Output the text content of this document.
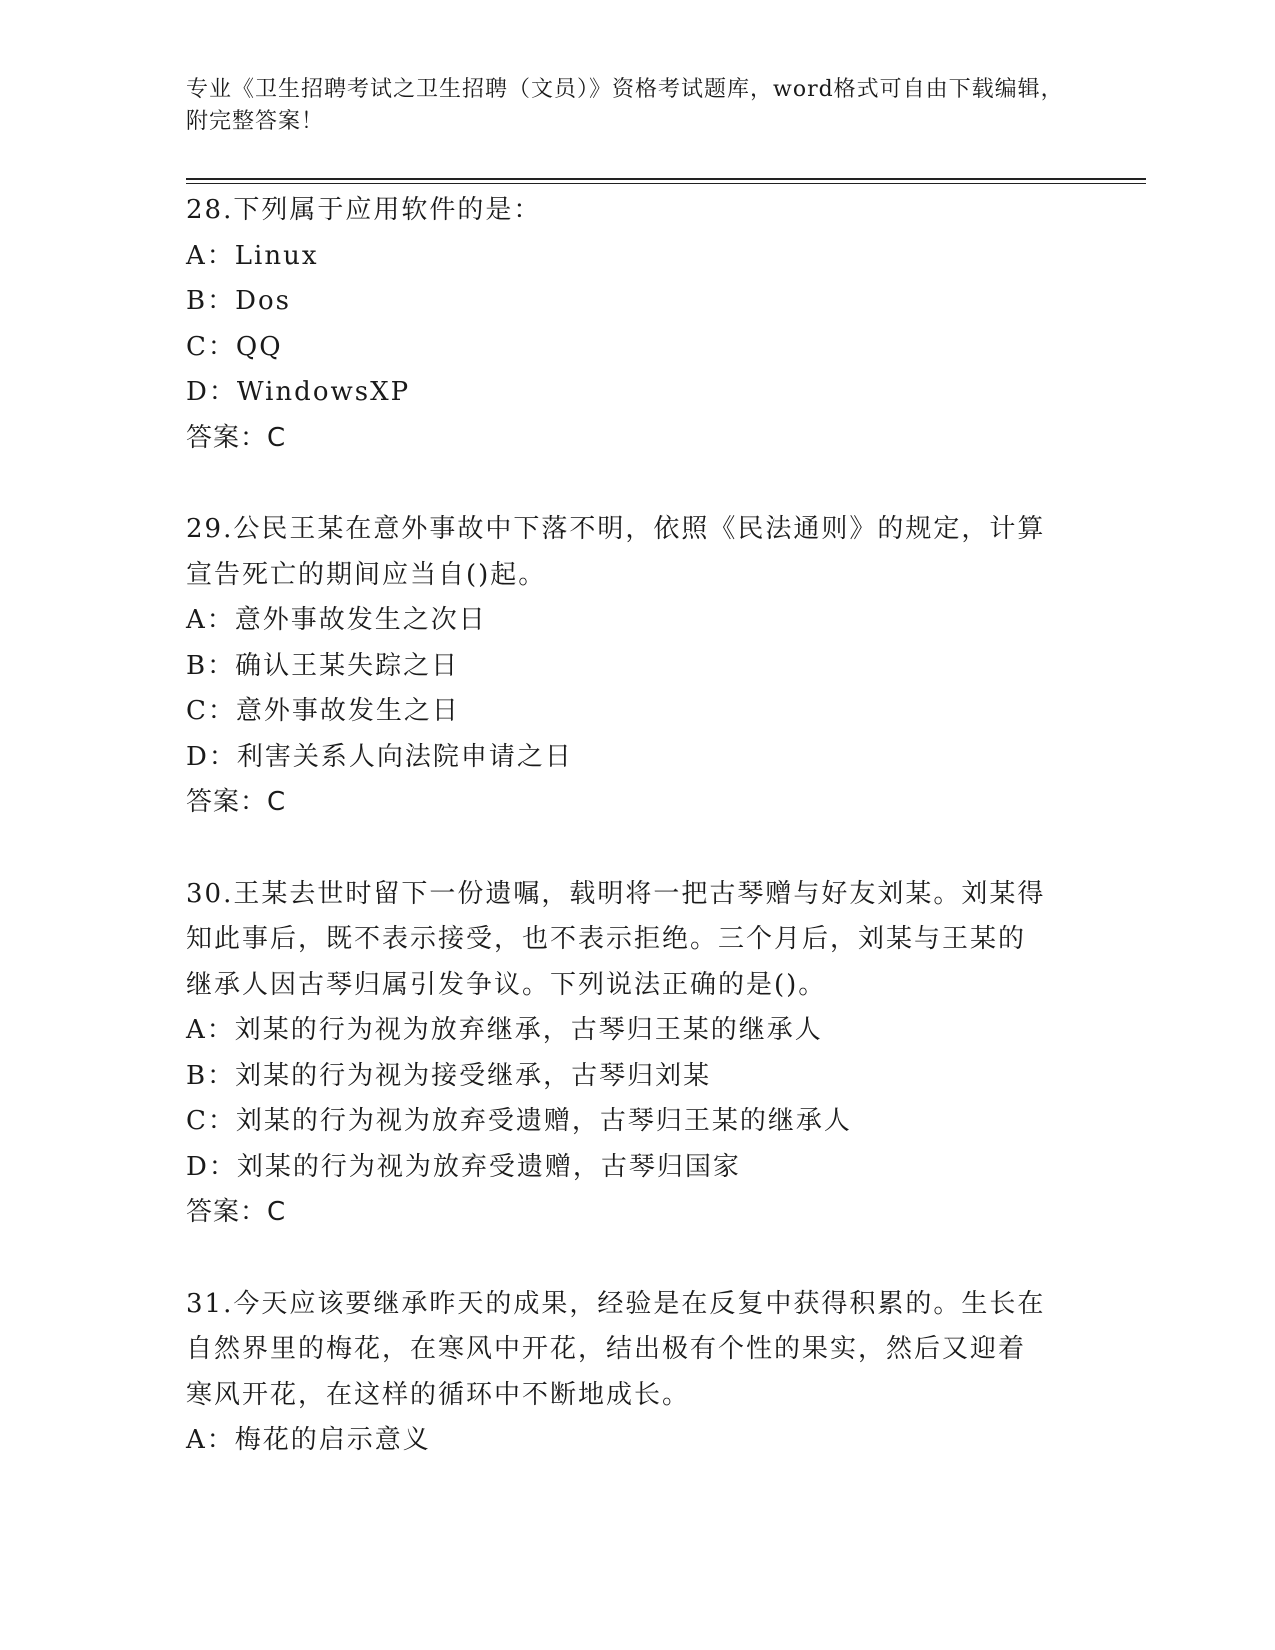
专业《卫生招聘考试之卫生招聘（文员）》资格考试题库，word格式可自由下载编辑，附完整答案！
28.下列属于应用软件的是：
A：Linux
B：Dos
C：QQ
D：WindowsXP
答案：C
29.公民王某在意外事故中下落不明，依照《民法通则》的规定，计算
宣告死亡的期间应当自()起。
A：意外事故发生之次日
B：确认王某失踪之日
C：意外事故发生之日
D：利害关系人向法院申请之日
答案：C
30.王某去世时留下一份遗嘱，载明将一把古琴赠与好友刘某。刘某得
知此事后，既不表示接受，也不表示拒绝。三个月后，刘某与王某的
继承人因古琴归属引发争议。下列说法正确的是()。
A：刘某的行为视为放弃继承，古琴归王某的继承人
B：刘某的行为视为接受继承，古琴归刘某
C：刘某的行为视为放弃受遗赠，古琴归王某的继承人
D：刘某的行为视为放弃受遗赠，古琴归国家
答案：C
31.今天应该要继承昨天的成果，经验是在反复中获得积累的。生长在
自然界里的梅花，在寒风中开花，结出极有个性的果实，然后又迎着
寒风开花，在这样的循环中不断地成长。
A：梅花的启示意义
